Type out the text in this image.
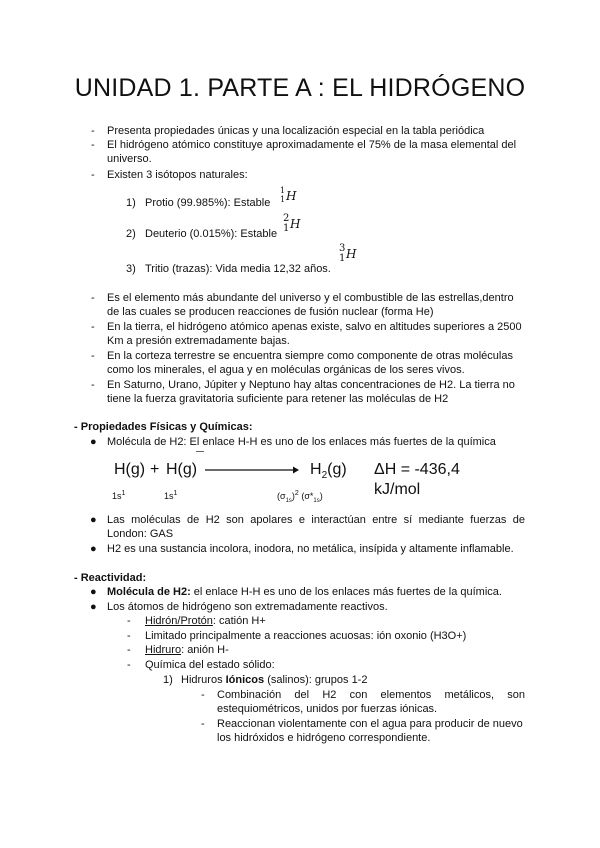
UNIDAD 1. PARTE A : EL HIDRÓGENO
-	Presenta propiedades únicas y una localización especial en la tabla periódica
-	El hidrógeno atómico constituye aproximadamente el 75% de la masa elemental del
universo.
-	Existen 3 isótopos naturales:
1) Protio (99.985%): Estable
1
1 H
2) Deuterio (0.015%): Estable
2
1 H
3) Tritio (trazas): Vida media 12,32 años.
3
1 H
-	Es el elemento más abundante del universo y el combustible de las estrellas,dentro
de las cuales se producen reacciones de fusión nuclear (forma He)
-	En la tierra, el hidrógeno atómico apenas existe, salvo en altitudes superiores a 2500
Km a presión extremadamente bajas.
-	En la corteza terrestre se encuentra siempre como componente de otras moléculas
como los minerales, el agua y en moléculas orgánicas de los seres vivos.
-	En Saturno, Urano, Júpiter y Neptuno hay altas concentraciones de H2. La tierra no
tiene la fuerza gravitatoria suficiente para retener las moléculas de H2
- Propiedades Físicas y Químicas:
● Molécula de H2: El enlace H-H es uno de los enlaces más fuertes de la química
H(g) + H(g)	$H_2(g) \Delta H = -436,4$ kJ/mol
$1s^1$	$1s^1$	$(\sigma_{1s})^2$ $(\sigma*_{1s})$
● Las moléculas de H2 son apolares e interactúan entre sí mediante fuerzas de
London: GAS
● H2 es una sustancia incolora, inodora, no metálica, insípida y altamente inflamable.
- Reactividad:
● Molécula de H2: el enlace H-H es uno de los enlaces más fuertes de la química.
● Los átomos de hidrógeno son extremadamente reactivos.
-	Hidrón/Protón: catión H+
-	Limitado principalmente a reacciones acuosas: ión oxonio (H3O+)
-	Hidruro: anión H-
-	Química del estado sólido:
1) Hidruros Iónicos (salinos): grupos 1-2
-	Combinación del H2 con elementos metálicos, son
estequiométricos, unidos por fuerzas iónicas.
-	Reaccionan violentamente con el agua para producir de nuevo
los hidróxidos e hidrógeno correspondiente.
